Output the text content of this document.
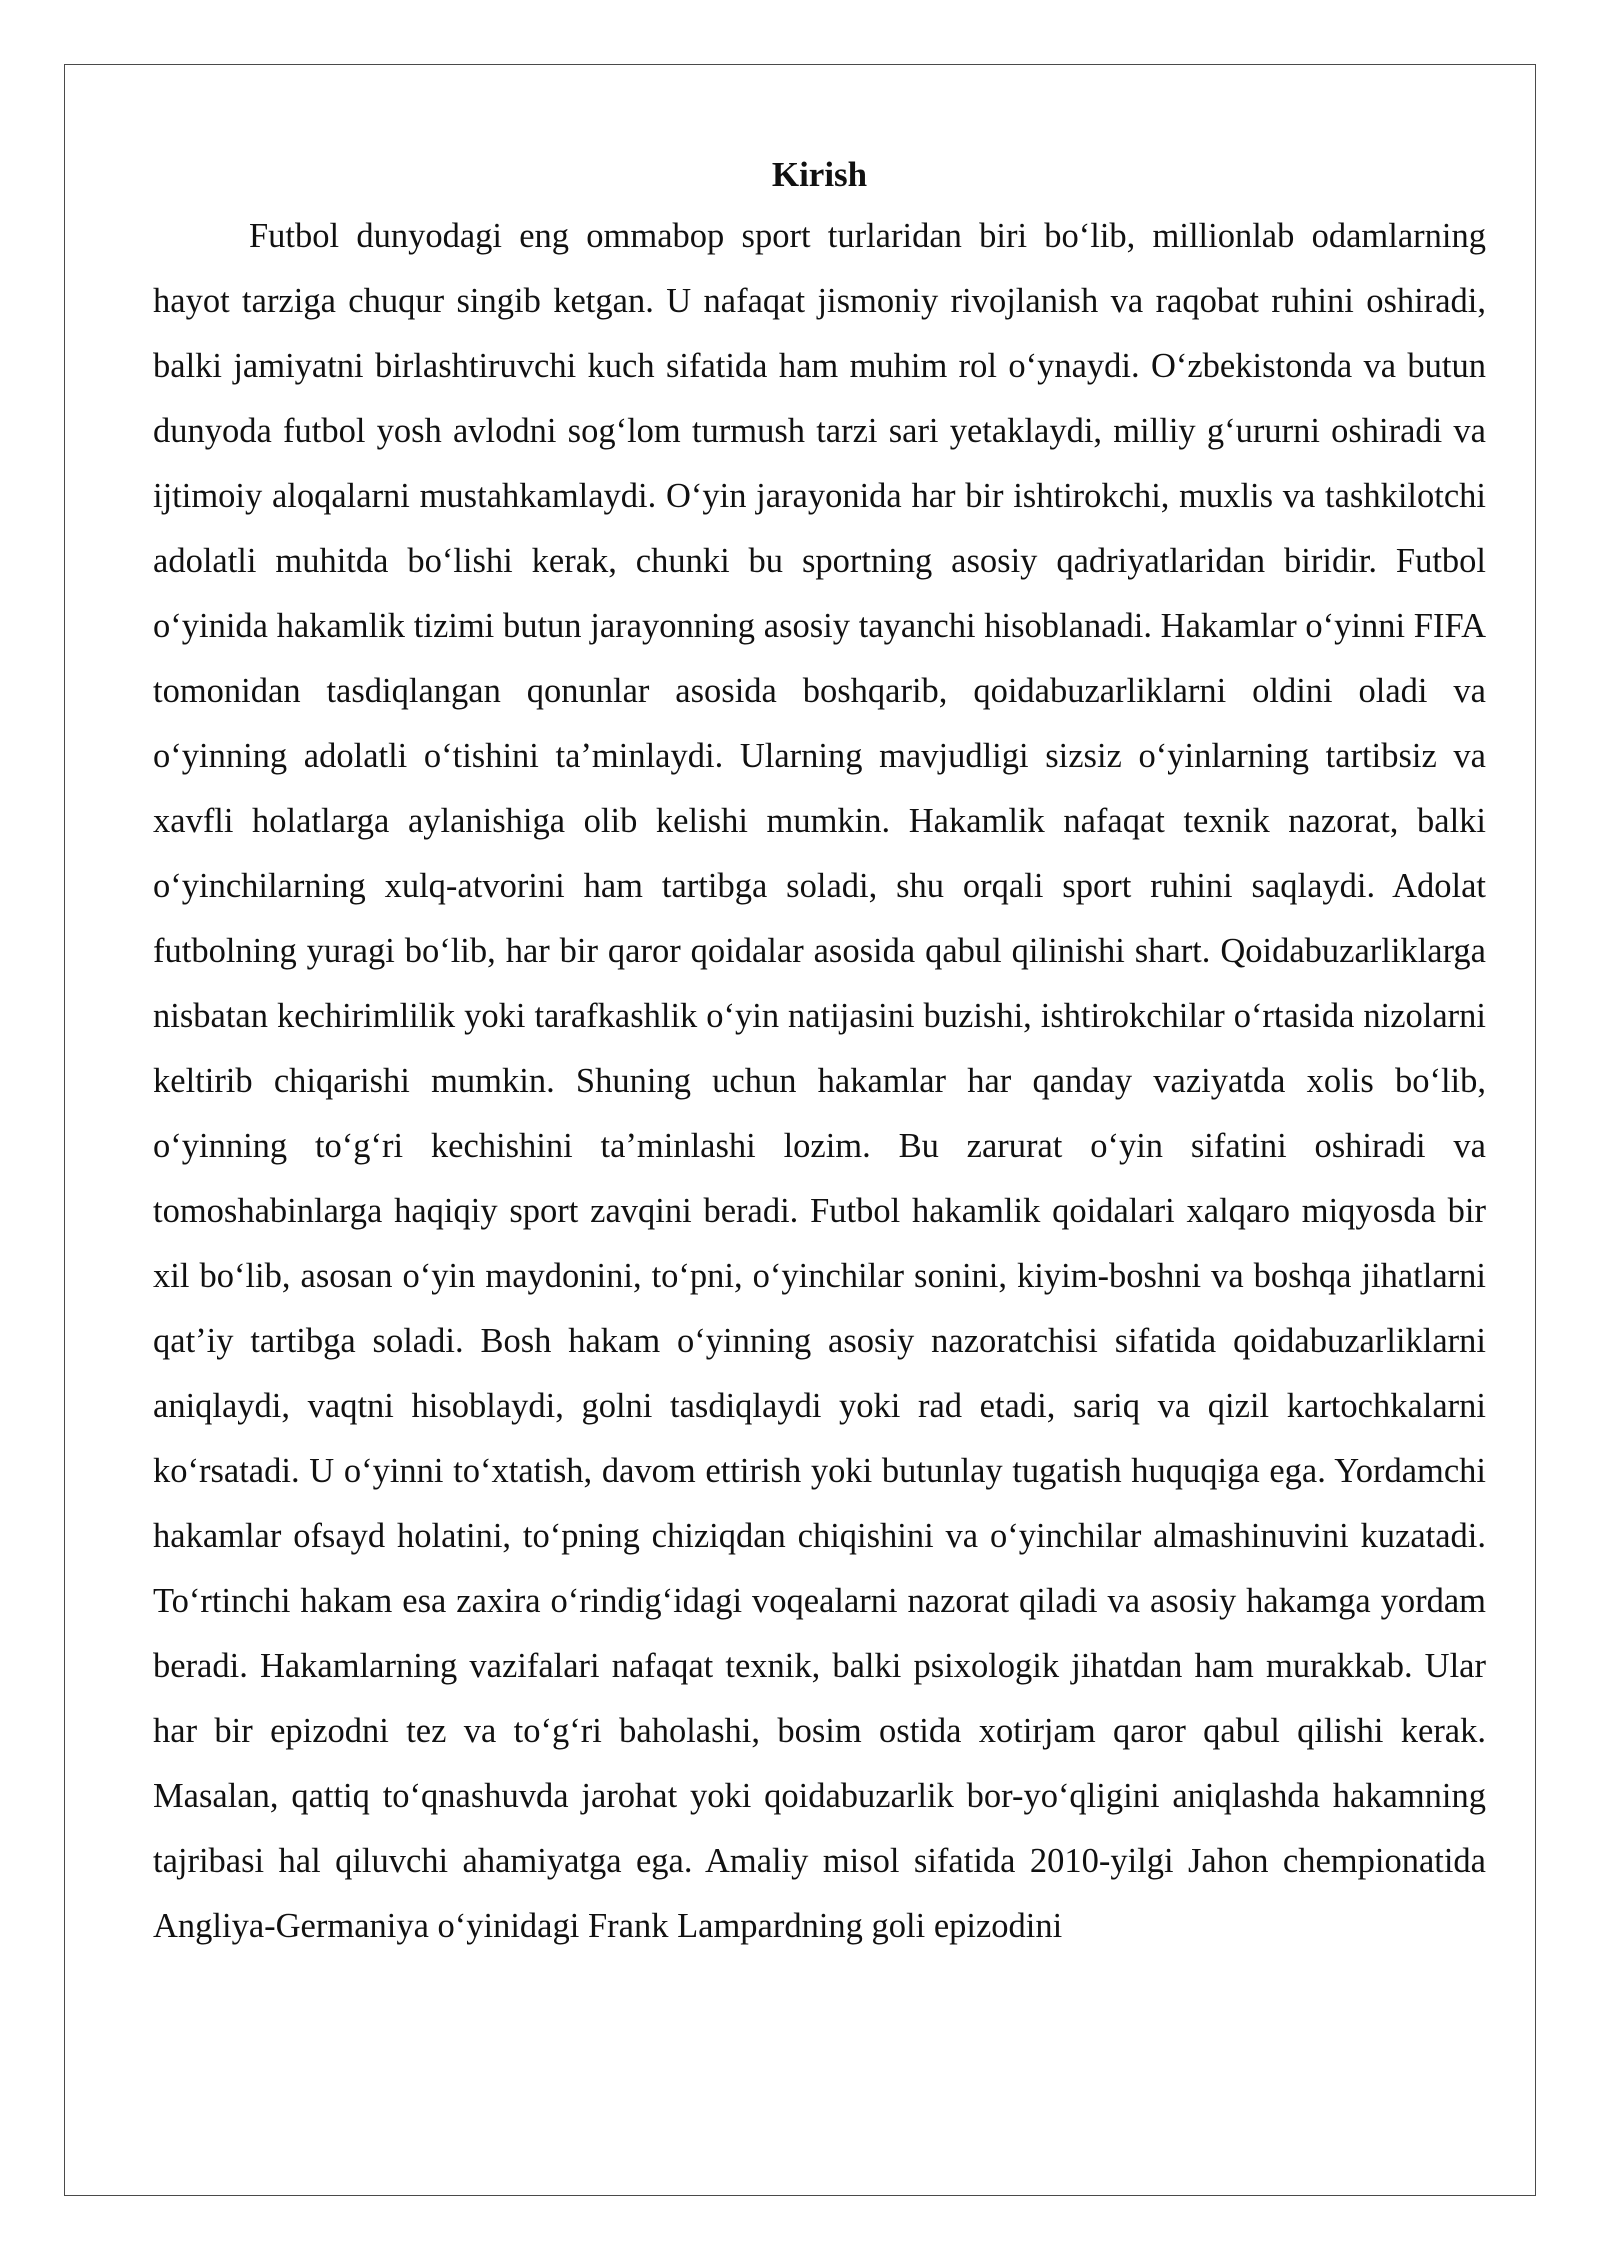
Kirish

Futbol dunyodagi eng ommabop sport turlaridan biri boʻlib, millionlab odamlarning hayot tarziga chuqur singib ketgan. U nafaqat jismoniy rivojlanish va raqobat ruhini oshiradi, balki jamiyatni birlashtiruvchi kuch sifatida ham muhim rol oʻynaydi. Oʻzbekistonda va butun dunyoda futbol yosh avlodni sogʻlom turmush tarzi sari yetaklaydi, milliy gʻururni oshiradi va ijtimoiy aloqalarni mustahkamlaydi. Oʻyin jarayonida har bir ishtirokchi, muxlis va tashkilotchi adolatli muhitda boʻlishi kerak, chunki bu sportning asosiy qadriyatlaridan biridir. Futbol oʻyinida hakamlik tizimi butun jarayonning asosiy tayanchi hisoblanadi. Hakamlar oʻyinni FIFA tomonidan tasdiqlangan qonunlar asosida boshqarib, qoidabuzarliklarni oldini oladi va oʻyinning adolatli oʻtishini taʼminlaydi. Ularning mavjudligi sizsiz oʻyinlarning tartibsiz va xavfli holatlarga aylanishiga olib kelishi mumkin. Hakamlik nafaqat texnik nazorat, balki oʻyinchilarning xulq-atvorini ham tartibga soladi, shu orqali sport ruhini saqlaydi. Adolat futbolning yuragi boʻlib, har bir qaror qoidalar asosida qabul qilinishi shart. Qoidabuzarliklarga nisbatan kechirimlilik yoki tarafkashlik oʻyin natijasini buzishi, ishtirokchilar oʻrtasida nizolarni keltirib chiqarishi mumkin. Shuning uchun hakamlar har qanday vaziyatda xolis boʻlib, oʻyinning toʻgʻri kechishini taʼminlashi lozim. Bu zarurat oʻyin sifatini oshiradi va tomoshabinlarga haqiqiy sport zavqini beradi. Futbol hakamlik qoidalari xalqaro miqyosda bir xil boʻlib, asosan oʻyin maydonini, toʻpni, oʻyinchilar sonini, kiyim-boshni va boshqa jihatlarni qatʼiy tartibga soladi. Bosh hakam oʻyinning asosiy nazoratchisi sifatida qoidabuzarliklarni aniqlaydi, vaqtni hisoblaydi, golni tasdiqlaydi yoki rad etadi, sariq va qizil kartochkalarni koʻrsatadi. U oʻyinni toʻxtatish, davom ettirish yoki butunlay tugatish huquqiga ega. Yordamchi hakamlar ofsayd holatini, toʻpning chiziqdan chiqishini va oʻyinchilar almashinuvini kuzatadi. Toʻrtinchi hakam esa zaxira oʻrindigʻidagi voqealarni nazorat qiladi va asosiy hakamga yordam beradi. Hakamlarning vazifalari nafaqat texnik, balki psixologik jihatdan ham murakkab. Ular har bir epizodni tez va toʻgʻri baholashi, bosim ostida xotirjam qaror qabul qilishi kerak. Masalan, qattiq toʻqnashuvda jarohat yoki qoidabuzarlik bor-yoʻqligini aniqlashda hakamning tajribasi hal qiluvchi ahamiyatga ega. Amaliy misol sifatida 2010-yilgi Jahon chempionatida Angliya-Germaniya oʻyinidagi Frank Lampardning goli epizodini
